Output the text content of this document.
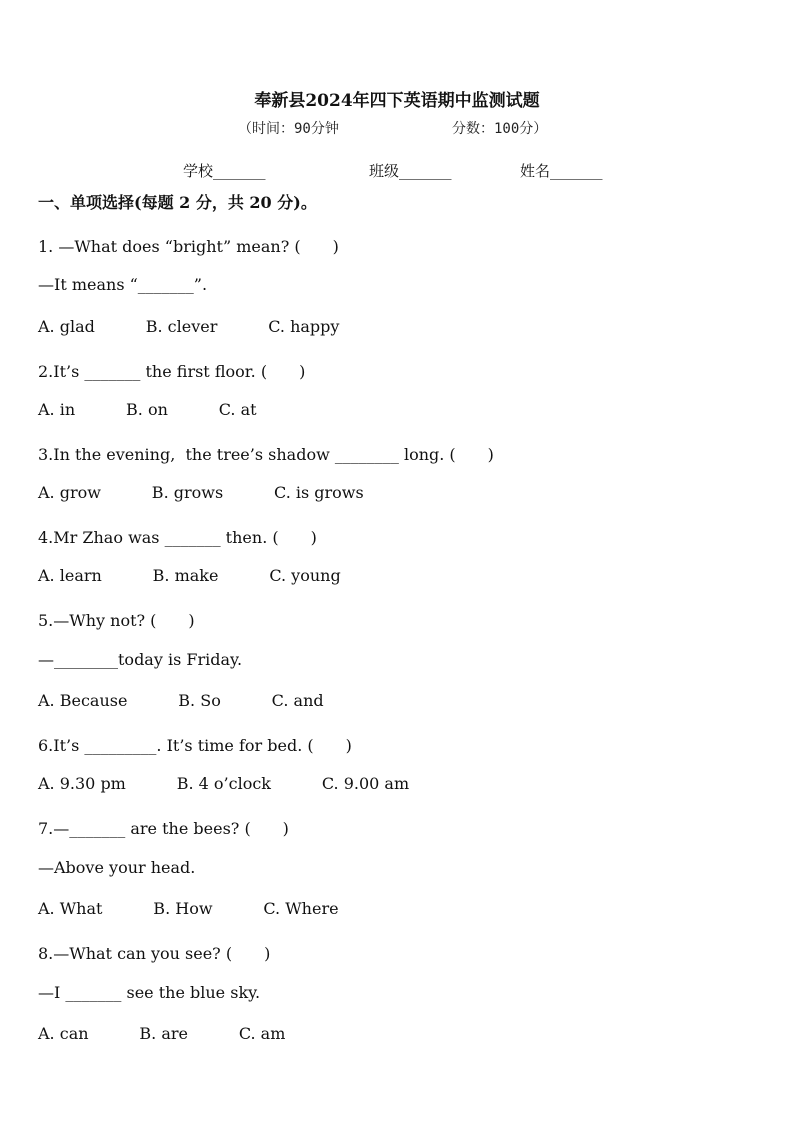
奉新县2024年四下英语期中监测试题
（时间：90分钟	分数：100分）
学校_______	班级_______	姓名_______
一、单项选择(每题 2 分，共 20 分)。
1. —What does “bright” mean? (　　)
—It means “_______”.
A. glad          B. clever          C. happy
2.It’s _______ the first floor. (　　)
A. in          B. on          C. at
3.In the evening,  the tree’s shadow ________ long. (　　)
A. grow          B. grows          C. is grows
4.Mr Zhao was _______ then. (　　)
A. learn          B. make          C. young
5.—Why not? (　　)
—________today is Friday.
A. Because          B. So          C. and
6.It’s _________. It’s time for bed. (　　)
A. 9.30 pm          B. 4 o’clock          C. 9.00 am
7.—_______ are the bees? (　　)
—Above your head.
A. What          B. How          C. Where
8.—What can you see? (　　)
—I _______ see the blue sky.
A. can          B. are          C. am
